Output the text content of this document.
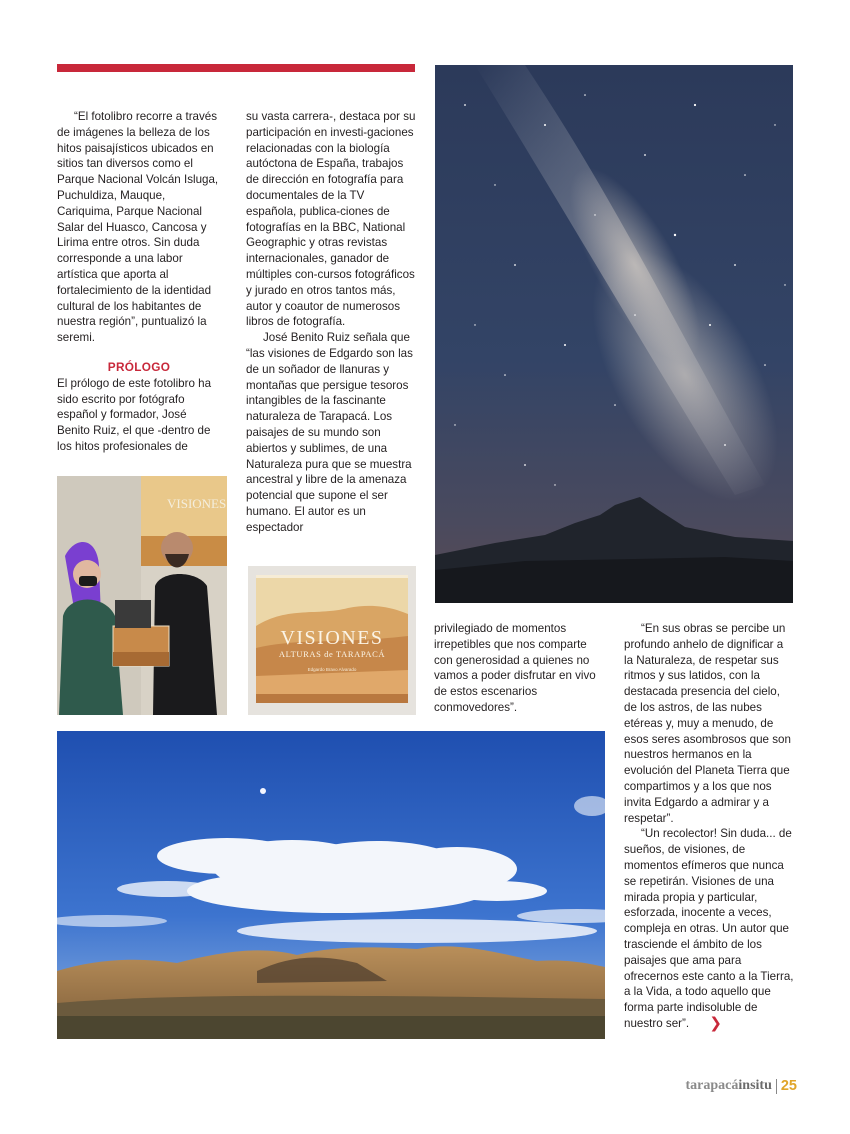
“El fotolibro recorre a través de imágenes la belleza de los hitos paisajísticos ubicados en sitios tan diversos como el Parque Nacional Volcán Isluga, Puchuldiza, Mauque, Cariquima, Parque Nacional Salar del Huasco, Cancosa y Lirima entre otros. Sin duda corresponde a una labor artística que aporta al fortalecimiento de la identidad cultural de los habitantes de nuestra región”, puntualizó la seremi.

PRÓLOGO

El prólogo de este fotolibro ha sido escrito por fotógrafo español y formador, José Benito Ruiz, el que -dentro de los hitos profesionales de

su vasta carrera-, destaca por su participación en investi-gaciones relacionadas con la biología autóctona de España, trabajos de dirección en fotografía para documentales de la TV española, publica-ciones de fotografías en la BBC, National Geographic y otras revistas internacionales, ganador de múltiples con-cursos fotográficos y jurado en otros tantos más, autor y coautor de numerosos libros de fotografía.

José Benito Ruiz señala que “las visiones de Edgardo son las de un soñador de llanuras y montañas que persigue tesoros intangibles de la fascinante naturaleza de Tarapacá. Los paisajes de su mundo son abiertos y sublimes, de una Naturaleza pura que se muestra ancestral y libre de la amenaza potencial que supone el ser humano. El autor es un espectador

VISIONES
VISIONES
ALTURAS de TARAPACÁ
Edgardo Bravo Alvarado

privilegiado de momentos irrepetibles que nos comparte con generosidad a quienes no vamos a poder disfrutar en vivo de estos escenarios conmovedores”.

“En sus obras se percibe un profundo anhelo de dignificar a la Naturaleza, de respetar sus ritmos y sus latidos, con la destacada presencia del cielo, de los astros, de las nubes etéreas y, muy a menudo, de esos seres asombrosos que son nuestros hermanos en la evolución del Planeta Tierra que compartimos y a los que nos invita Edgardo a admirar y a respetar”.

“Un recolector! Sin duda... de sueños, de visiones, de momentos efímeros que nunca se repetirán. Visiones de una mirada propia y particular, esforzada, inocente a veces, compleja en otras. Un autor que trasciende el ámbito de los paisajes que ama para ofrecernos este canto a la Tierra, a la Vida, a todo aquello que forma parte indisoluble de nuestro ser”. ❯

tarapacáinsitu 25
